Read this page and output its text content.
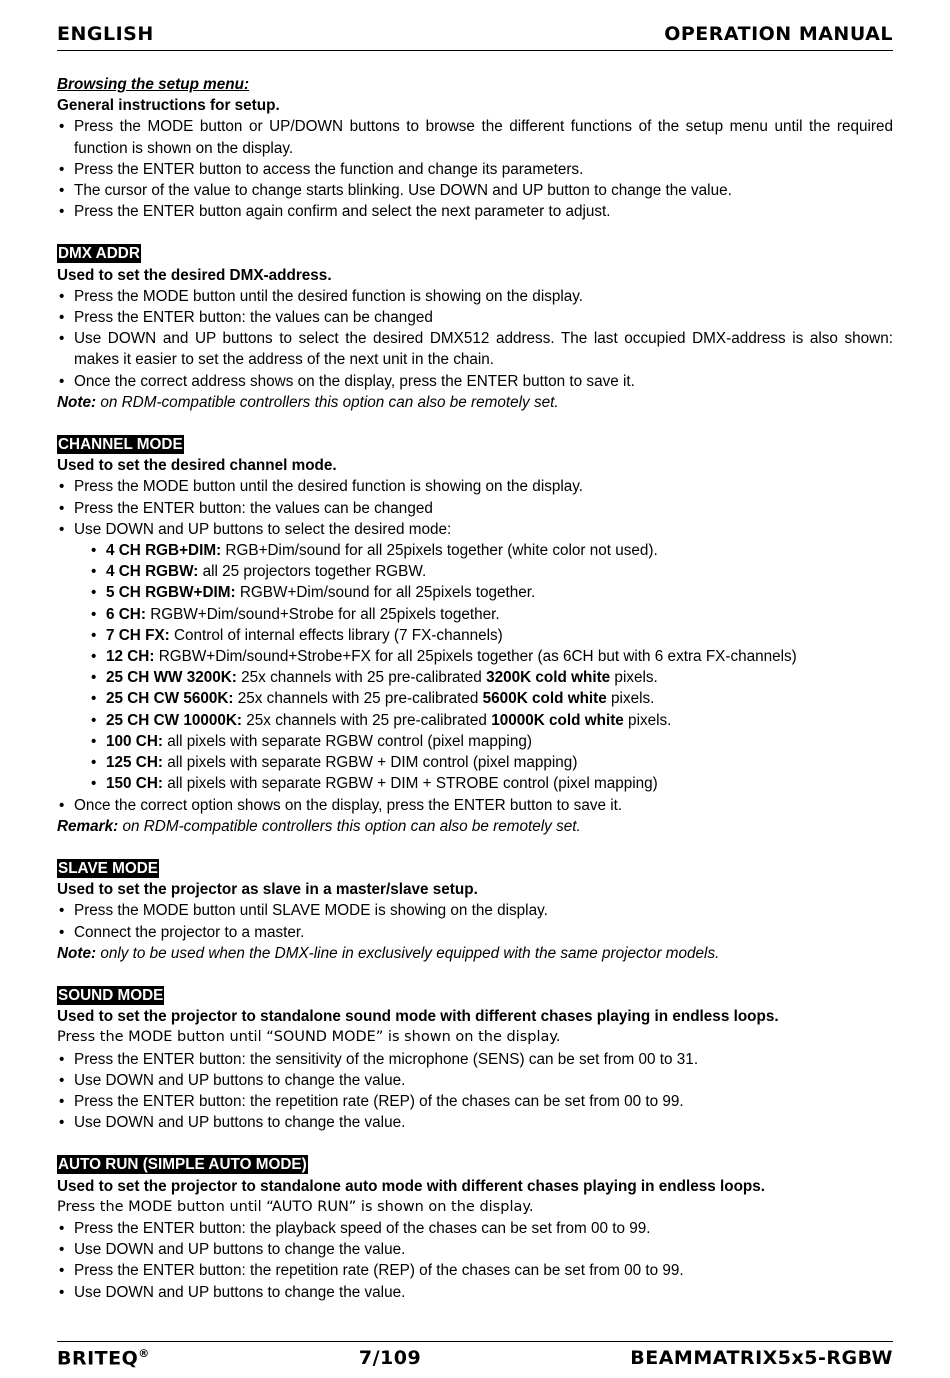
ENGLISH	OPERATION MANUAL

Browsing the setup menu:

General instructions for setup.

• Press the MODE button or UP/DOWN buttons to browse the different functions of the setup menu until the required function is shown on the display.
• Press the ENTER button to access the function and change its parameters.
• The cursor of the value to change starts blinking. Use DOWN and UP button to change the value.
• Press the ENTER button again confirm and select the next parameter to adjust.
DMX ADDR

Used to set the desired DMX-address.

• Press the MODE button until the desired function is showing on the display.
• Press the ENTER button: the values can be changed
• Use DOWN and UP buttons to select the desired DMX512 address. The last occupied DMX-address is also shown: makes it easier to set the address of the next unit in the chain.
• Once the correct address shows on the display, press the ENTER button to save it.

Note: on RDM-compatible controllers this option can also be remotely set.

CHANNEL MODE

Used to set the desired channel mode.

• Press the MODE button until the desired function is showing on the display.
• Press the ENTER button: the values can be changed
• Use DOWN and UP buttons to select the desired mode:
• 4 CH RGB+DIM: RGB+Dim/sound for all 25pixels together (white color not used).
• 4 CH RGBW: all 25 projectors together RGBW.
• 5 CH RGBW+DIM: RGBW+Dim/sound for all 25pixels together.
• 6 CH: RGBW+Dim/sound+Strobe for all 25pixels together.
• 7 CH FX: Control of internal effects library (7 FX-channels)
• 12 CH: RGBW+Dim/sound+Strobe+FX for all 25pixels together (as 6CH but with 6 extra FX-channels)
• 25 CH WW 3200K: 25x channels with 25 pre-calibrated 3200K cold white pixels.
• 25 CH CW 5600K: 25x channels with 25 pre-calibrated 5600K cold white pixels.
• 25 CH CW 10000K: 25x channels with 25 pre-calibrated 10000K cold white pixels.
• 100 CH: all pixels with separate RGBW control (pixel mapping)
• 125 CH: all pixels with separate RGBW + DIM control (pixel mapping)
• 150 CH: all pixels with separate RGBW + DIM + STROBE control (pixel mapping)
• Once the correct option shows on the display, press the ENTER button to save it.

Remark: on RDM-compatible controllers this option can also be remotely set.

SLAVE MODE

Used to set the projector as slave in a master/slave setup.

• Press the MODE button until SLAVE MODE is showing on the display.
• Connect the projector to a master.

Note: only to be used when the DMX-line in exclusively equipped with the same projector models.

SOUND MODE

Used to set the projector to standalone sound mode with different chases playing in endless loops.

Press the MODE button until “SOUND MODE” is shown on the display.

• Press the ENTER button: the sensitivity of the microphone (SENS) can be set from 00 to 31.
• Use DOWN and UP buttons to change the value.
• Press the ENTER button: the repetition rate (REP) of the chases can be set from 00 to 99.
• Use DOWN and UP buttons to change the value.
AUTO RUN (SIMPLE AUTO MODE)

Used to set the projector to standalone auto mode with different chases playing in endless loops.

Press the MODE button until “AUTO RUN” is shown on the display.

• Press the ENTER button: the playback speed of the chases can be set from 00 to 99.
• Use DOWN and UP buttons to change the value.
• Press the ENTER button: the repetition rate (REP) of the chases can be set from 00 to 99.
• Use DOWN and UP buttons to change the value.
BRITEQ®	7/109	BEAMMATRIX5x5-RGBW
